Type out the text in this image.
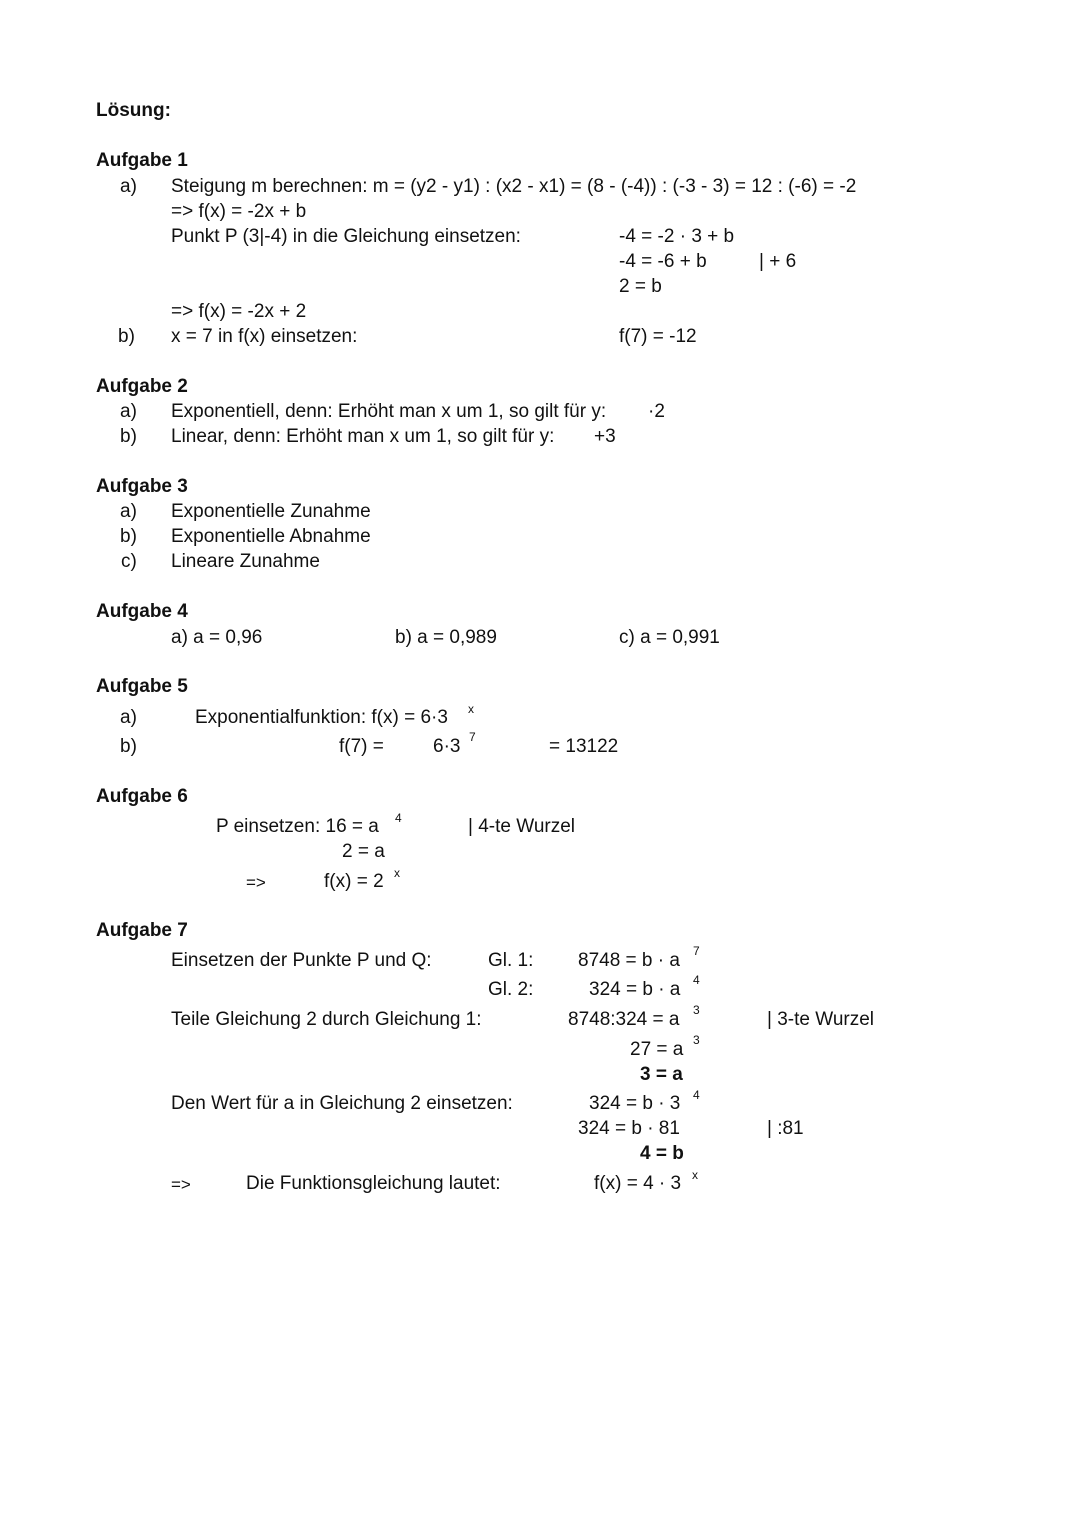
Lösung:
Aufgabe 1
a) Steigung m berechnen: m = (y2 - y1) : (x2 - x1) = (8 - (-4)) : (-3 - 3) = 12 : (-6) = -2
=> f(x) = -2x + b
Punkt P (3|-4) in die Gleichung einsetzen:	-4 = -2 · 3 + b
-4 = -6 + b	| + 6
2 = b
=> f(x) = -2x + 2
b) x = 7 in f(x) einsetzen:	f(7) = -12
Aufgabe 2
a) Exponentiell, denn: Erhöht man x um 1, so gilt für y: ·2
b) Linear, denn: Erhöht man x um 1, so gilt für y: +3
Aufgabe 3
a) Exponentielle Zunahme
b) Exponentielle Abnahme
c) Lineare Zunahme
Aufgabe 4
a) a = 0,96	b) a = 0,989	c) a = 0,991
Aufgabe 5
a)	Exponentialfunktion: f(x) = 6·3 x
b)	f(7) =	6·3 7	= 13122
Aufgabe 6
P einsetzen: 16 = a 4	| 4-te Wurzel
2 = a
=>	f(x) = 2 x
Aufgabe 7
Einsetzen der Punkte P und Q:	Gl. 1: 8748 = b · a 7
Gl. 2:	324 = b · a 4
Teile Gleichung 2 durch Gleichung 1:	8748:324 = a 3	| 3-te Wurzel
27 = a 3
3 = a
Den Wert für a in Gleichung 2 einsetzen:	324 = b · 3 4
324 = b · 81	| :81
4 = b
=>	Die Funktionsgleichung lautet:	f(x) = 4 · 3 x
